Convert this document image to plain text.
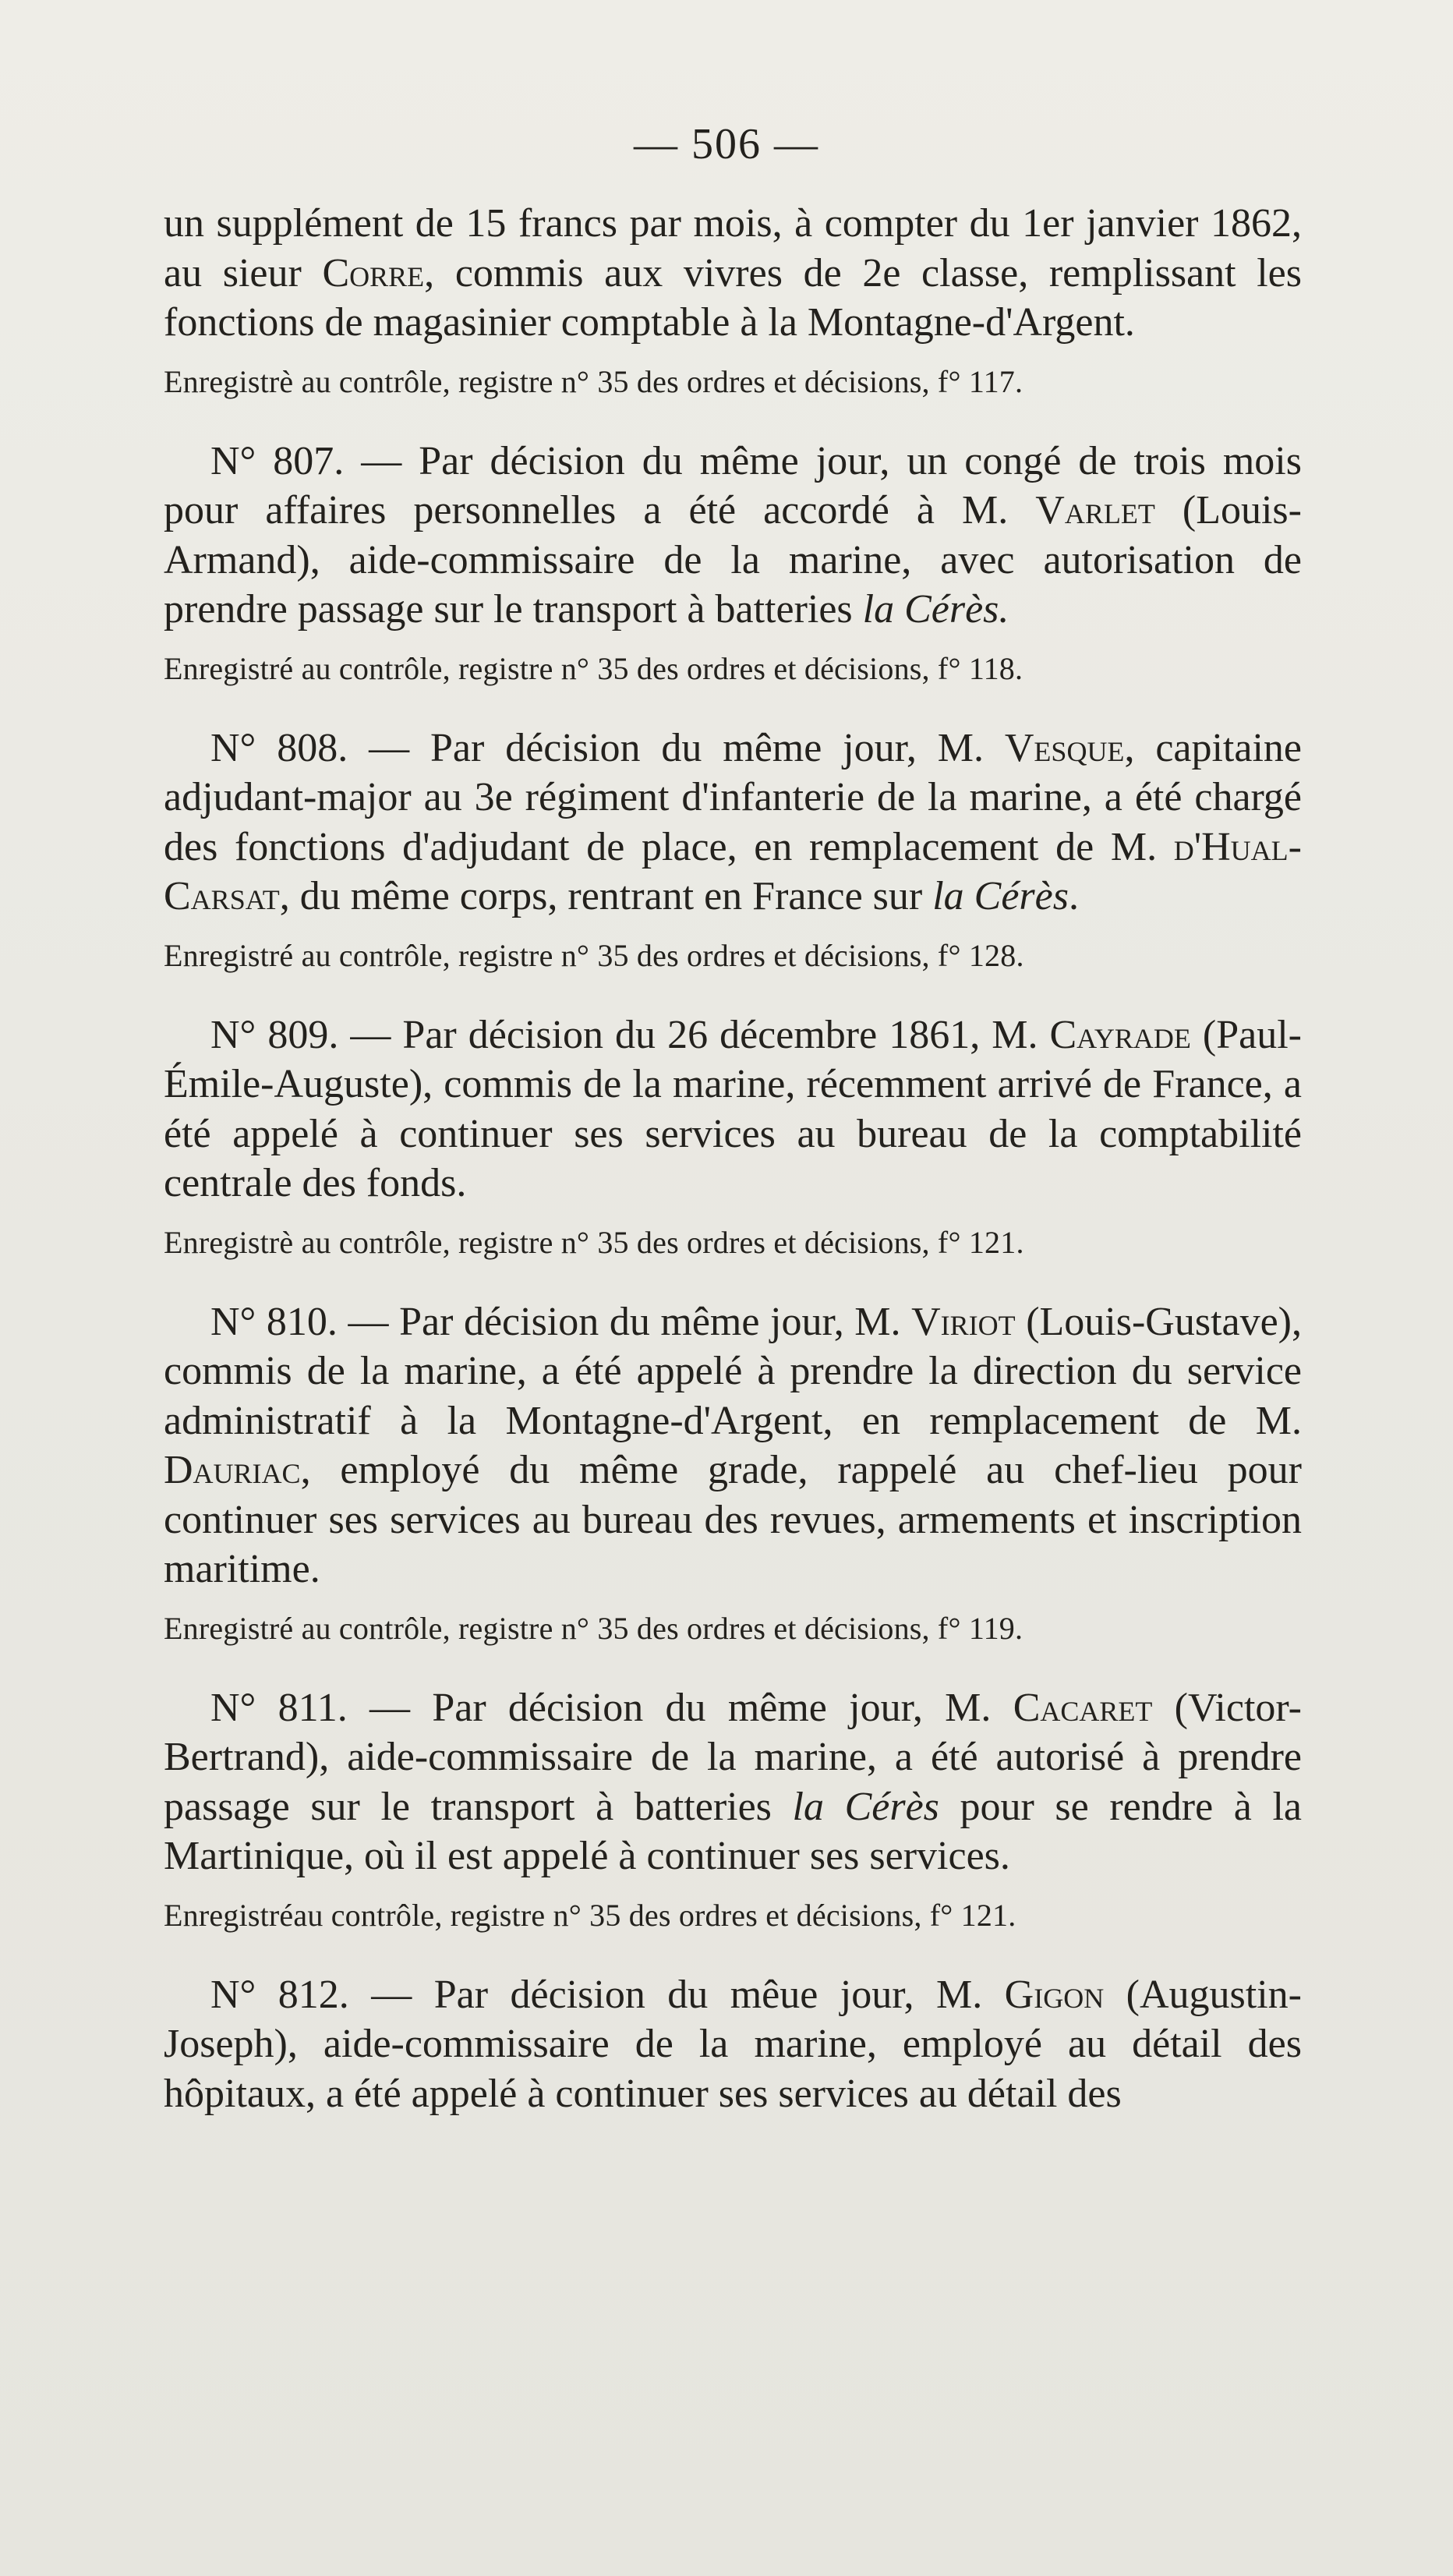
— 506 —

un supplément de 15 francs par mois, à compter du 1er janvier 1862, au sieur Corre, commis aux vivres de 2e classe, remplissant les fonctions de magasinier comptable à la Montagne-d'Argent.

Enregistrè au contrôle, registre n° 35 des ordres et décisions, f° 117.

N° 807. — Par décision du même jour, un congé de trois mois pour affaires personnelles a été accordé à M. Varlet (Louis-Armand), aide-commissaire de la marine, avec autorisation de prendre passage sur le transport à batteries la Cérès.

Enregistré au contrôle, registre n° 35 des ordres et décisions, f° 118.

N° 808. — Par décision du même jour, M. Vesque, capitaine adjudant-major au 3e régiment d'infanterie de la marine, a été chargé des fonctions d'adjudant de place, en remplacement de M. d'Hual-Carsat, du même corps, rentrant en France sur la Cérès.

Enregistré au contrôle, registre n° 35 des ordres et décisions, f° 128.

N° 809. — Par décision du 26 décembre 1861, M. Cayrade (Paul-Émile-Auguste), commis de la marine, récemment arrivé de France, a été appelé à continuer ses services au bureau de la comptabilité centrale des fonds.

Enregistrè au contrôle, registre n° 35 des ordres et décisions, f° 121.

N° 810. — Par décision du même jour, M. Viriot (Louis-Gustave), commis de la marine, a été appelé à prendre la direction du service administratif à la Montagne-d'Argent, en remplacement de M. Dauriac, employé du même grade, rappelé au chef-lieu pour continuer ses services au bureau des revues, armements et inscription maritime.

Enregistré au contrôle, registre n° 35 des ordres et décisions, f° 119.

N° 811. — Par décision du même jour, M. Cacaret (Victor-Bertrand), aide-commissaire de la marine, a été autorisé à prendre passage sur le transport à batteries la Cérès pour se rendre à la Martinique, où il est appelé à continuer ses services.

Enregistréau contrôle, registre n° 35 des ordres et décisions, f° 121.

N° 812. — Par décision du mêue jour, M. Gigon (Augustin-Joseph), aide-commissaire de la marine, employé au détail des hôpitaux, a été appelé à continuer ses services au détail des
